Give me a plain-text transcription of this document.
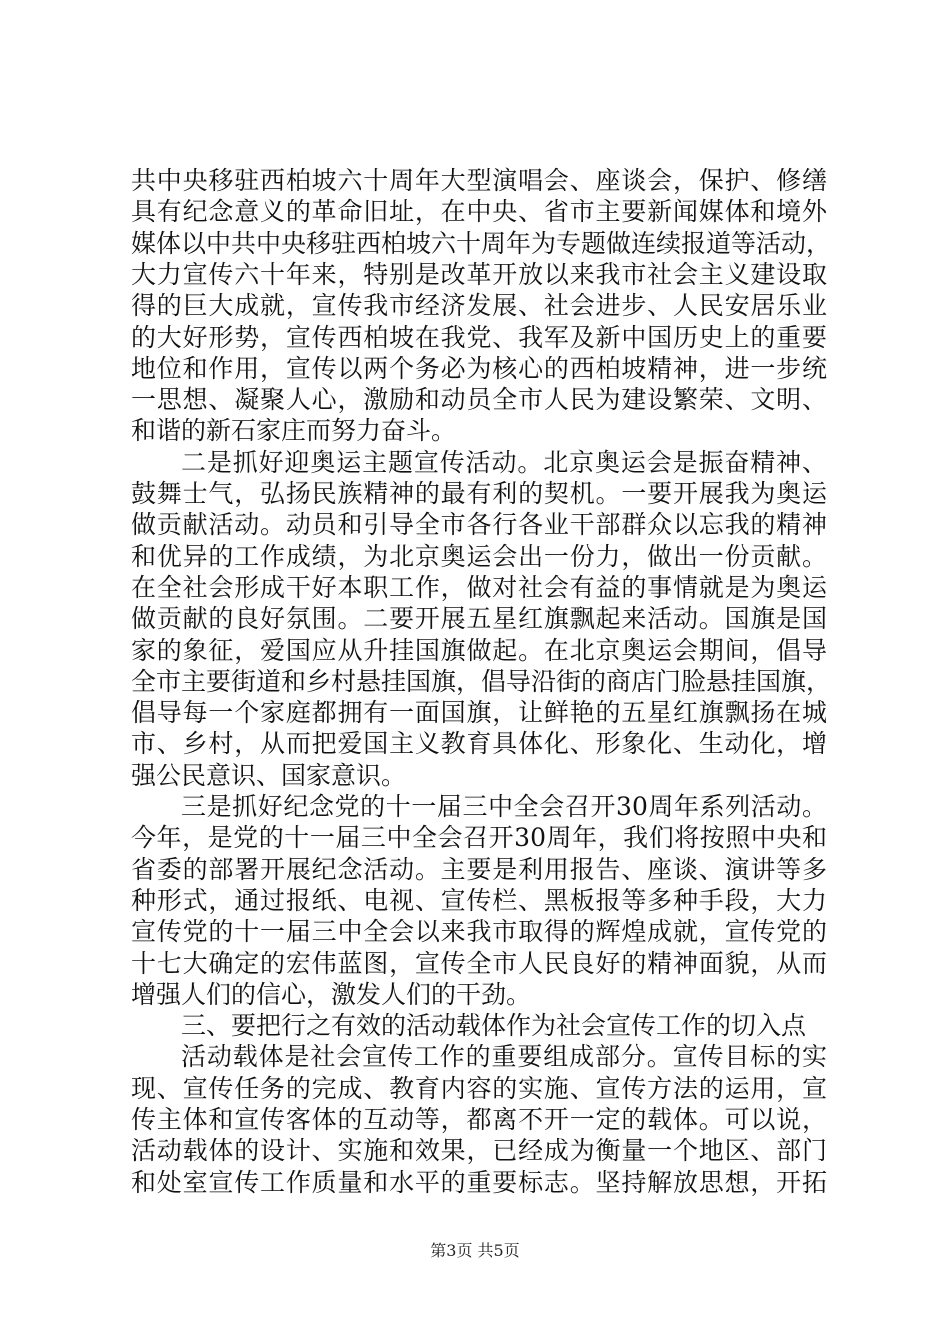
共中央移驻西柏坡六十周年大型演唱会、座谈会，保护、修缮
具有纪念意义的革命旧址，在中央、省市主要新闻媒体和境外
媒体以中共中央移驻西柏坡六十周年为专题做连续报道等活动，
大力宣传六十年来，特别是改革开放以来我市社会主义建设取
得的巨大成就，宣传我市经济发展、社会进步、人民安居乐业
的大好形势，宣传西柏坡在我党、我军及新中国历史上的重要
地位和作用，宣传以两个务必为核心的西柏坡精神，进一步统
一思想、凝聚人心，激励和动员全市人民为建设繁荣、文明、
和谐的新石家庄而努力奋斗。
二是抓好迎奥运主题宣传活动。北京奥运会是振奋精神、
鼓舞士气，弘扬民族精神的最有利的契机。一要开展我为奥运
做贡献活动。动员和引导全市各行各业干部群众以忘我的精神
和优异的工作成绩，为北京奥运会出一份力，做出一份贡献。
在全社会形成干好本职工作，做对社会有益的事情就是为奥运
做贡献的良好氛围。二要开展五星红旗飘起来活动。国旗是国
家的象征，爱国应从升挂国旗做起。在北京奥运会期间，倡导
全市主要街道和乡村悬挂国旗，倡导沿街的商店门脸悬挂国旗，
倡导每一个家庭都拥有一面国旗，让鲜艳的五星红旗飘扬在城
市、乡村，从而把爱国主义教育具体化、形象化、生动化，增
强公民意识、国家意识。
三是抓好纪念党的十一届三中全会召开30周年系列活动。
今年，是党的十一届三中全会召开30周年，我们将按照中央和
省委的部署开展纪念活动。主要是利用报告、座谈、演讲等多
种形式，通过报纸、电视、宣传栏、黑板报等多种手段，大力
宣传党的十一届三中全会以来我市取得的辉煌成就，宣传党的
十七大确定的宏伟蓝图，宣传全市人民良好的精神面貌，从而
增强人们的信心，激发人们的干劲。
三、要把行之有效的活动载体作为社会宣传工作的切入点
活动载体是社会宣传工作的重要组成部分。宣传目标的实
现、宣传任务的完成、教育内容的实施、宣传方法的运用，宣
传主体和宣传客体的互动等，都离不开一定的载体。可以说，
活动载体的设计、实施和效果，已经成为衡量一个地区、部门
和处室宣传工作质量和水平的重要标志。坚持解放思想，开拓
第3页 共5页
